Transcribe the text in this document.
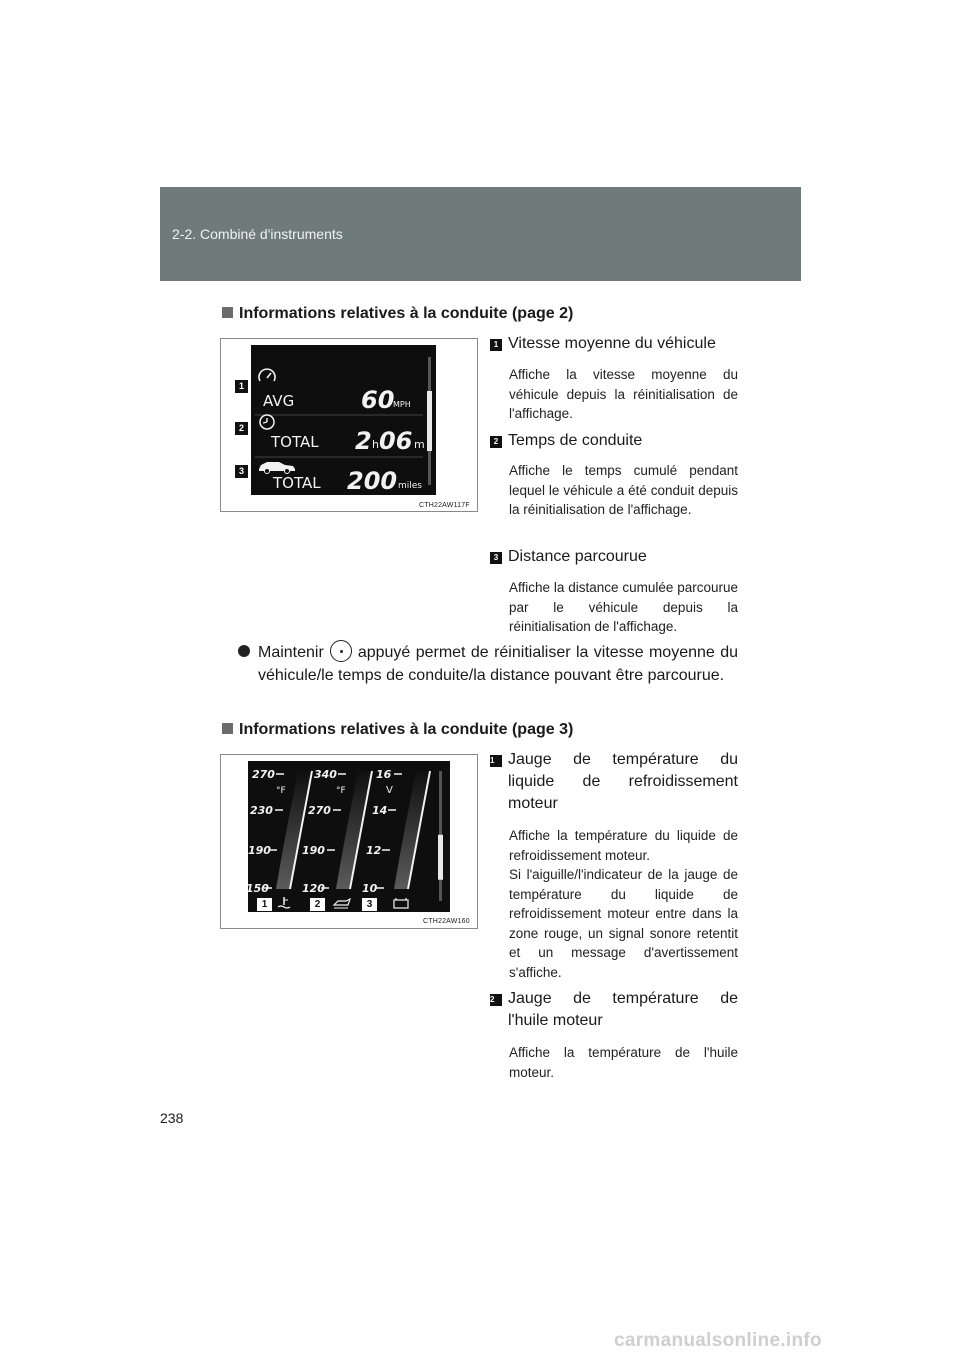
2-2. Combiné d'instruments
Informations relatives à la conduite (page 2)
AVG	60
MPH
TOTAL 2 h 06 m
TOTAL 200 miles
CTH22AW117F
1
2
3
1 Vitesse moyenne du véhicule
Affiche la vitesse moyenne du véhicule depuis la réinitialisation de l'affichage.
2 Temps de conduite
Affiche le temps cumulé pendant lequel le véhicule a été conduit depuis la réinitialisation de l'affichage.
3 Distance parcourue
Affiche la distance cumulée parcourue par le véhicule depuis la réinitialisation de l'affichage.
Maintenir appuyé permet de réinitialiser la vitesse moyenne du véhicule/le temps de conduite/la distance pouvant être parcourue.
Informations relatives à la conduite (page 3)
270
°F
230
190
150
340
°F
270
190
120
16
V
14
12
10
CTH22AW160
1	2	3
1 Jauge de température du
liquide de refroidissement
moteur
Affiche la température du liquide de refroidissement moteur.
Si l'aiguille/l'indicateur de la jauge de température du liquide de refroidissement moteur entre dans la zone rouge, un signal sonore retentit et un message d'avertissement s'affiche.
2 Jauge de température de
l'huile moteur
Affiche la température de l'huile moteur.
238
carmanualsonline.info
